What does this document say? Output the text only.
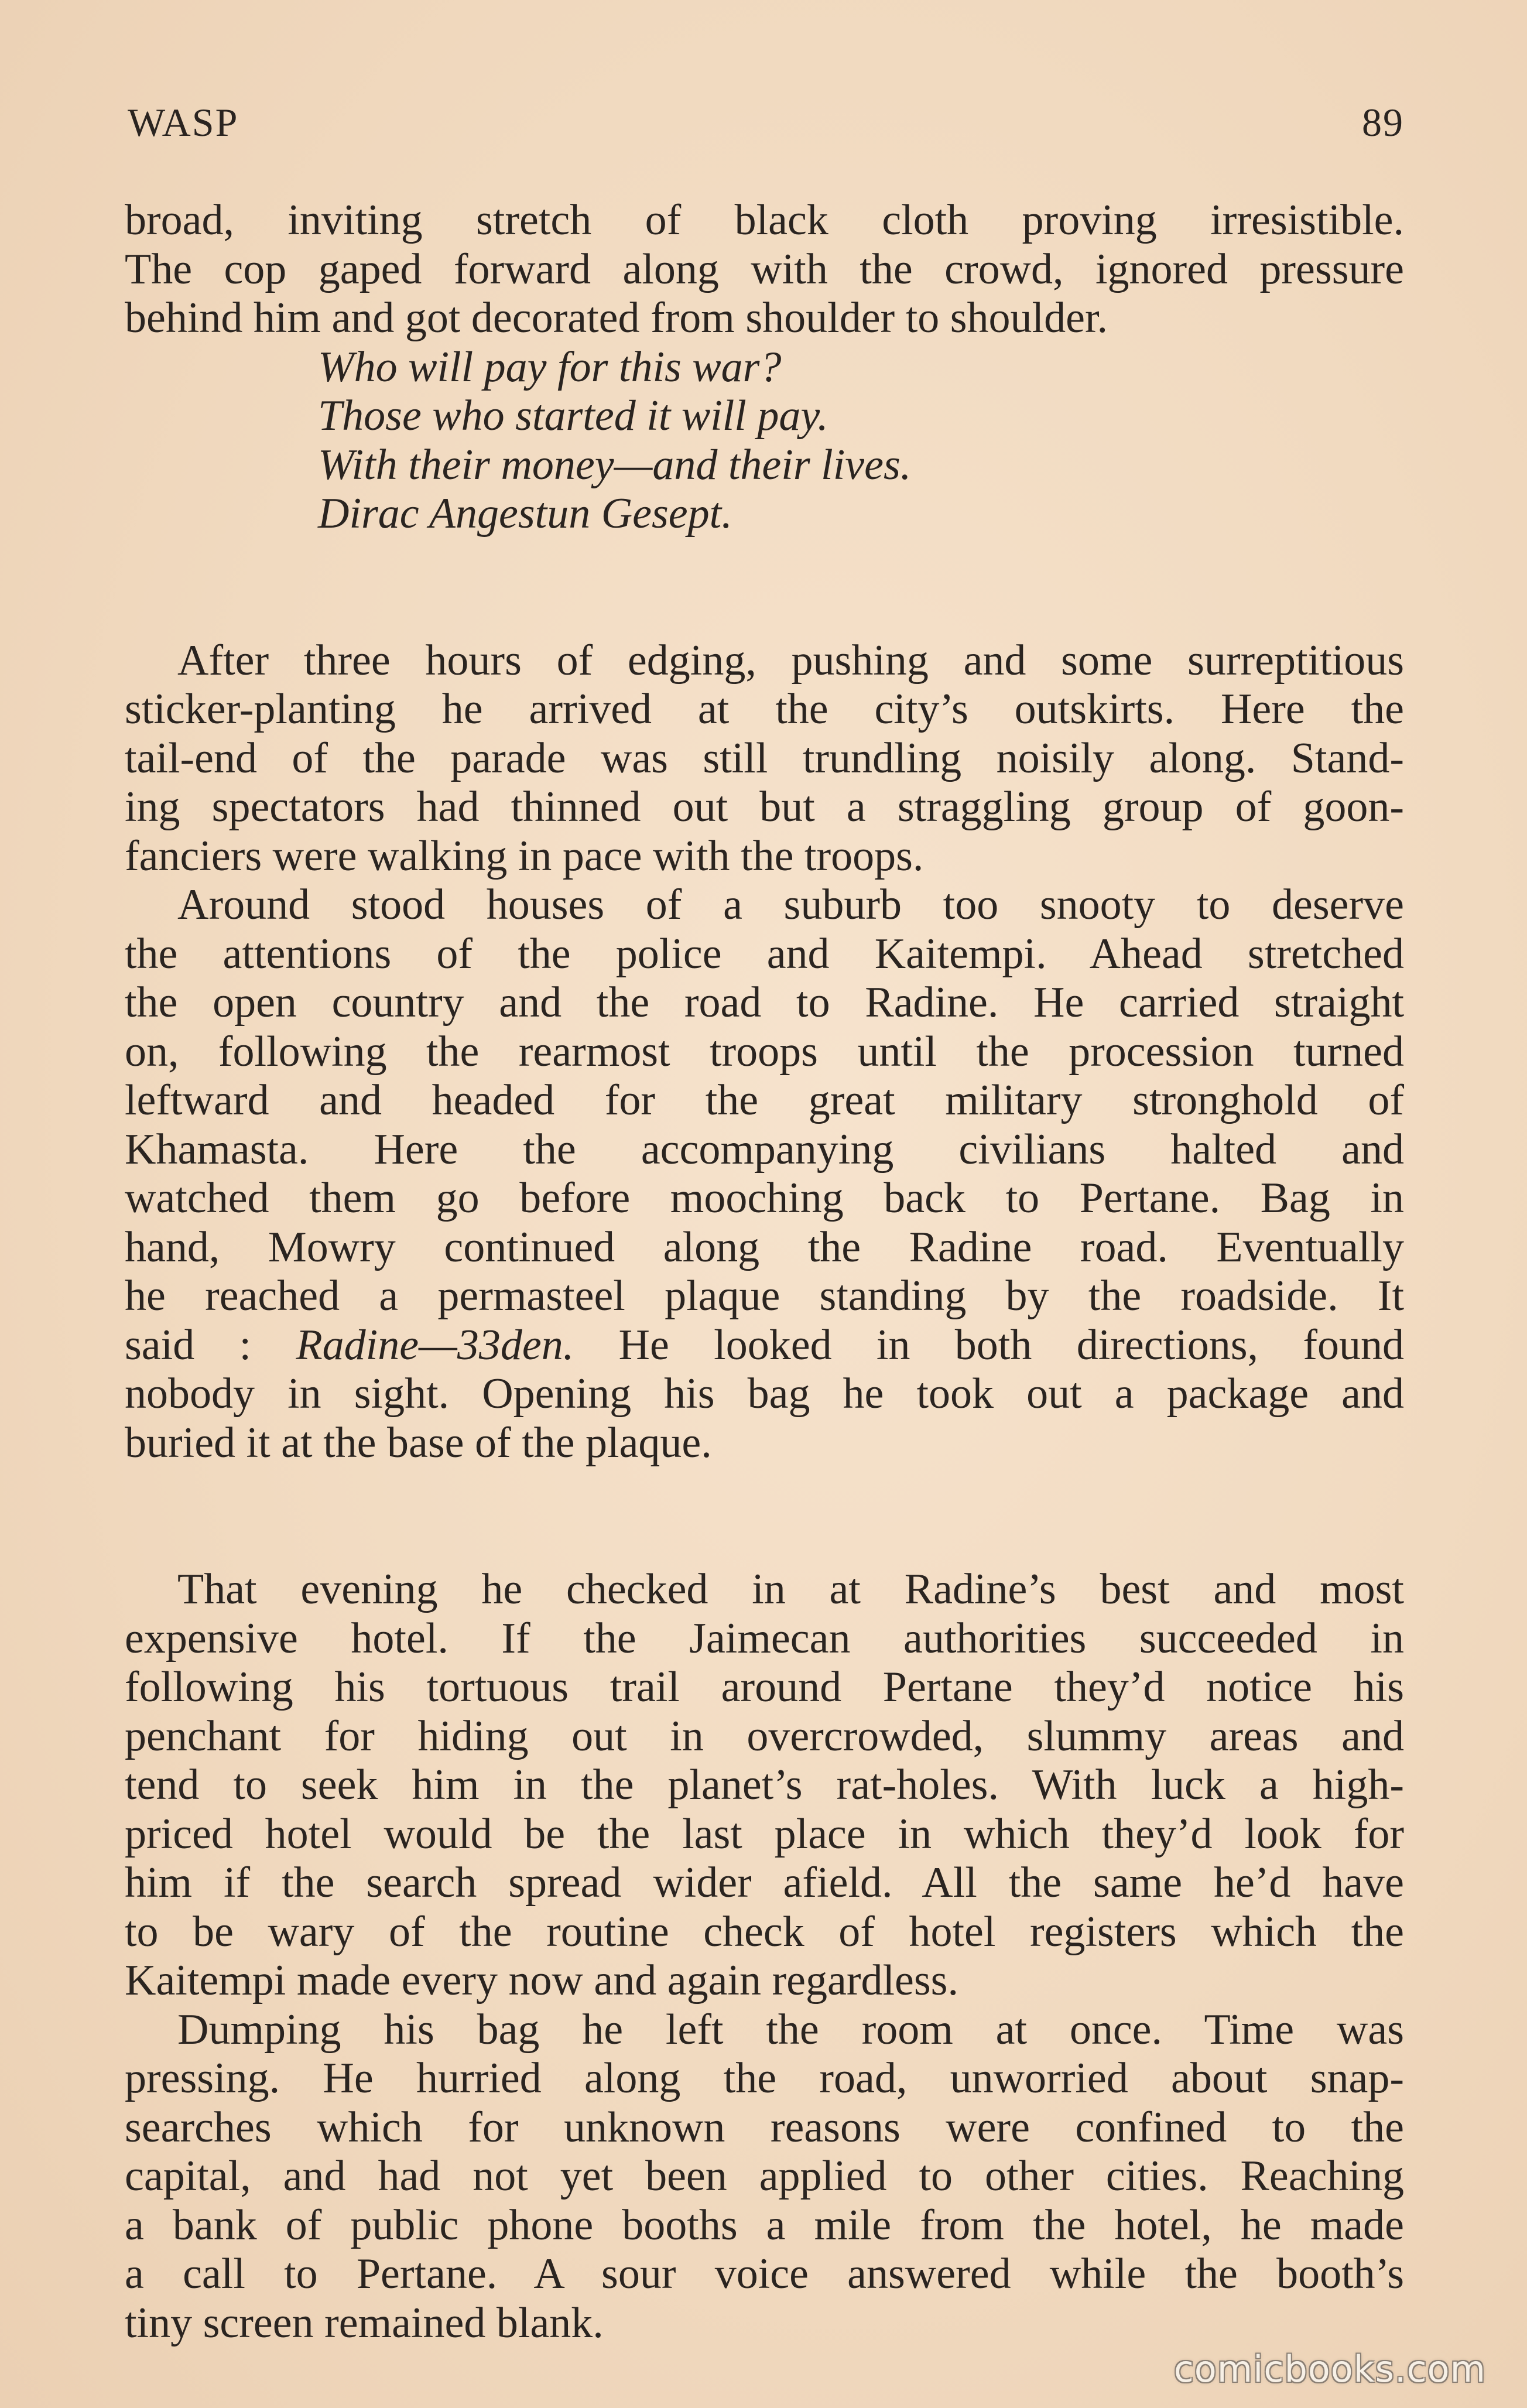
WASP	89

broad, inviting stretch of black cloth proving irresistible.

The cop gaped forward along with the crowd, ignored pressure

behind him and got decorated from shoulder to shoulder.

Who will pay for this war?
Those who started it will pay.
With their money—and their lives.
Dirac Angestun Gesept.

After three hours of edging, pushing and some surreptitious

sticker-planting he arrived at the city’s outskirts. Here the

tail-end of the parade was still trundling noisily along. Stand-

ing spectators had thinned out but a straggling group of goon-

fanciers were walking in pace with the troops.

Around stood houses of a suburb too snooty to deserve

the attentions of the police and Kaitempi. Ahead stretched

the open country and the road to Radine. He carried straight

on, following the rearmost troops until the procession turned

leftward and headed for the great military stronghold of

Khamasta. Here the accompanying civilians halted and

watched them go before mooching back to Pertane. Bag in

hand, Mowry continued along the Radine road. Eventually

he reached a permasteel plaque standing by the roadside. It

said : Radine—33den. He looked in both directions, found

nobody in sight. Opening his bag he took out a package and

buried it at the base of the plaque.

That evening he checked in at Radine’s best and most

expensive hotel. If the Jaimecan authorities succeeded in

following his tortuous trail around Pertane they’d notice his

penchant for hiding out in overcrowded, slummy areas and

tend to seek him in the planet’s rat-holes. With luck a high-

priced hotel would be the last place in which they’d look for

him if the search spread wider afield. All the same he’d have

to be wary of the routine check of hotel registers which the

Kaitempi made every now and again regardless.

Dumping his bag he left the room at once. Time was

pressing. He hurried along the road, unworried about snap-

searches which for unknown reasons were confined to the

capital, and had not yet been applied to other cities. Reaching

a bank of public phone booths a mile from the hotel, he made

a call to Pertane. A sour voice answered while the booth’s

tiny screen remained blank.

comicbooks.com
